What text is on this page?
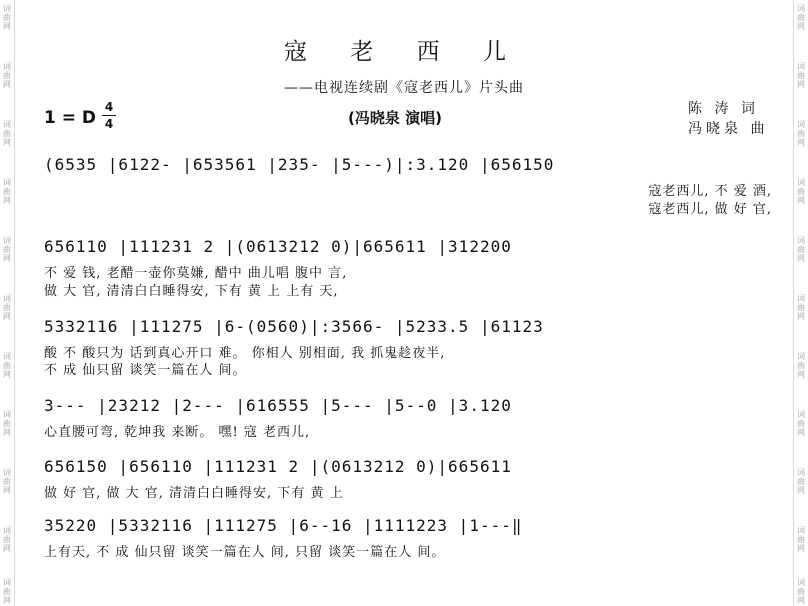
词曲网
词曲网
词曲网
词曲网
词曲网
词曲网
词曲网
词曲网
词曲网
词曲网
词曲网
词曲网
词曲网
词曲网
词曲网
词曲网
词曲网
词曲网
词曲网
词曲网
词曲网
词曲网
寇 老 西 儿
——电视连续剧《寇老西儿》片头曲
1 = D
4
4	(冯晓泉 演唱)	陈 涛 词
冯晓泉 曲
(6535 |6122- |653561 |235- |5---)|:3.120 |656150
寇老西儿, 不 爱 酒,
寇老西儿, 做 好 官,
656110 |111231 2 |(0613212 0)|665611 |312200
不 爱 钱, 老醋一壶你莫嫌, 醋中 曲儿唱 腹中 言,
做 大 官, 清清白白睡得安, 下有 黄 上 上有 天,
5332116 |111275 |6-(0560)|:3566- |5233.5 |61123
酸 不 酸只为 话到真心开口 难。 你相人 别相面, 我 抓鬼趁夜半,
不 成 仙只留 谈笑一篇在人 间。
3--- |23212 |2--- |616555 |5--- |5--0 |3.120
心直腰可弯, 乾坤我 来断。 嘿! 寇 老西儿,
656150 |656110 |111231 2 |(0613212 0)|665611
做 好 官, 做 大 官, 清清白白睡得安, 下有 黄 上
35220 |5332116 |111275 |6--16 |1111223 |1---‖
上有天, 不 成 仙只留 谈笑一篇在人 间, 只留 谈笑一篇在人 间。
